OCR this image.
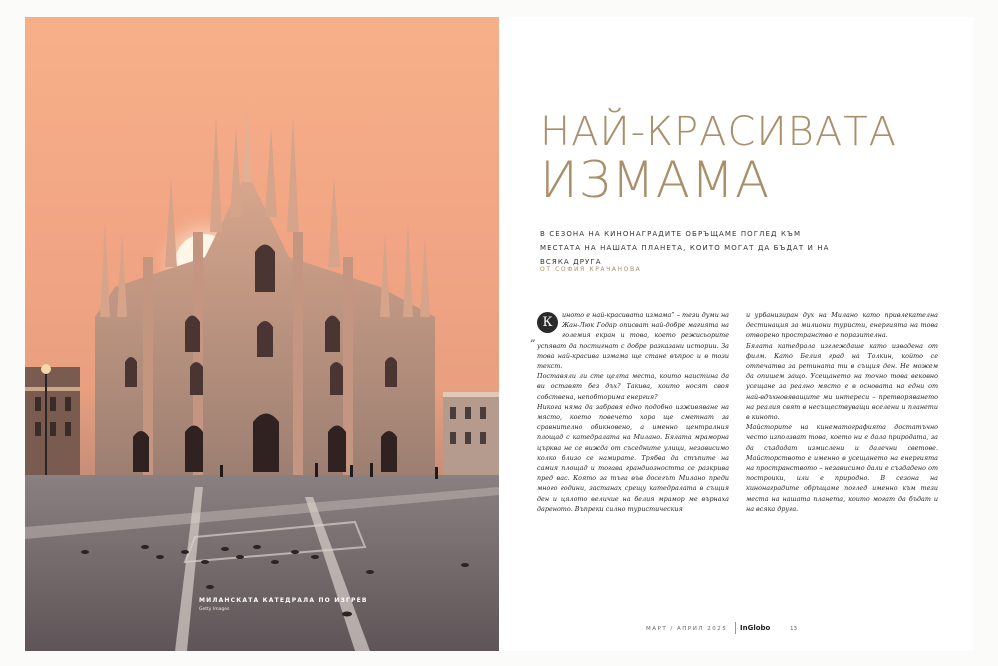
МИЛАНСКАТА КАТЕДРАЛА ПО ИЗГРЕВ
Getty Images
НАЙ-КРАСИВАТА
ИЗМАМА
В СЕЗОНА НА КИНОНАГРАДИТЕ ОБРЪЩАМЕ ПОГЛЕД КЪМ МЕСТАТА НА НАШАТА ПЛАНЕТА, КОИТО МОГАТ ДА БЪДАТ И НА ВСЯКА ДРУГА
ОТ СОФИЯ КРАЧАНОВА
„

К	иното е най-красивата измама” – тези думи на Жан-Люк Годар описват най-добре магията на големия екран и това, което режисьорите успяват да постигнат с добре разказани истории. За това най-красива измама ще стане въпрос и в този текст.

Поставяли ли сте целта места, които наистина да ви оставят без дъх? Такива, които носят своя собствена, непобторима енергия?

Никога няма да забравя едно подобно изживяване на място, което повечето хора ще сметнат за сравнително обикновено, а именно централния площад с катедралата на Милано. Бялата мраморна църква не се вижда от съседните улици, независимо колко близо се намирате. Трябва да стъпите на самия площад и тогава грандиозността се разкрива пред вас. Която за тъга във досегът Милано преди много години, застанах срещу катедралата в същия ден и цялото величие на белия мрамор ме върнаха дареното. Въпреки силно туристическия

и урбанизиран дух на Милано като привлекателна дестинация за милиони туристи, енергията на това отворено пространство е поразителна.

Бялата катедрала изглеждаше като извадена от филм. Като Белия град на Толкин, който се отпечатва за ретината ти в същия ден. Не можем да опишем защо. Усещането на точно това вековно усещане за реално място е в основата на едни от най-вдъхновяващите ми интереси – претворяването на реалия свят в несъществуващи вселени и планети в киното.

Майсторите на кинематографията достатъчно често използват това, което ни е дала природата, за да създадат измислени и далечни светове. Майсторството е именно в усещането на енергията на пространството – независимо дали е създадено от построики, или е природно. В сезона на кинонаградите обръщаме поглед именно към тези места на нашата планета, които могат да бъдат и на всяка друга.

МАРТ / АПРИЛ 2025 InGlobo	13
